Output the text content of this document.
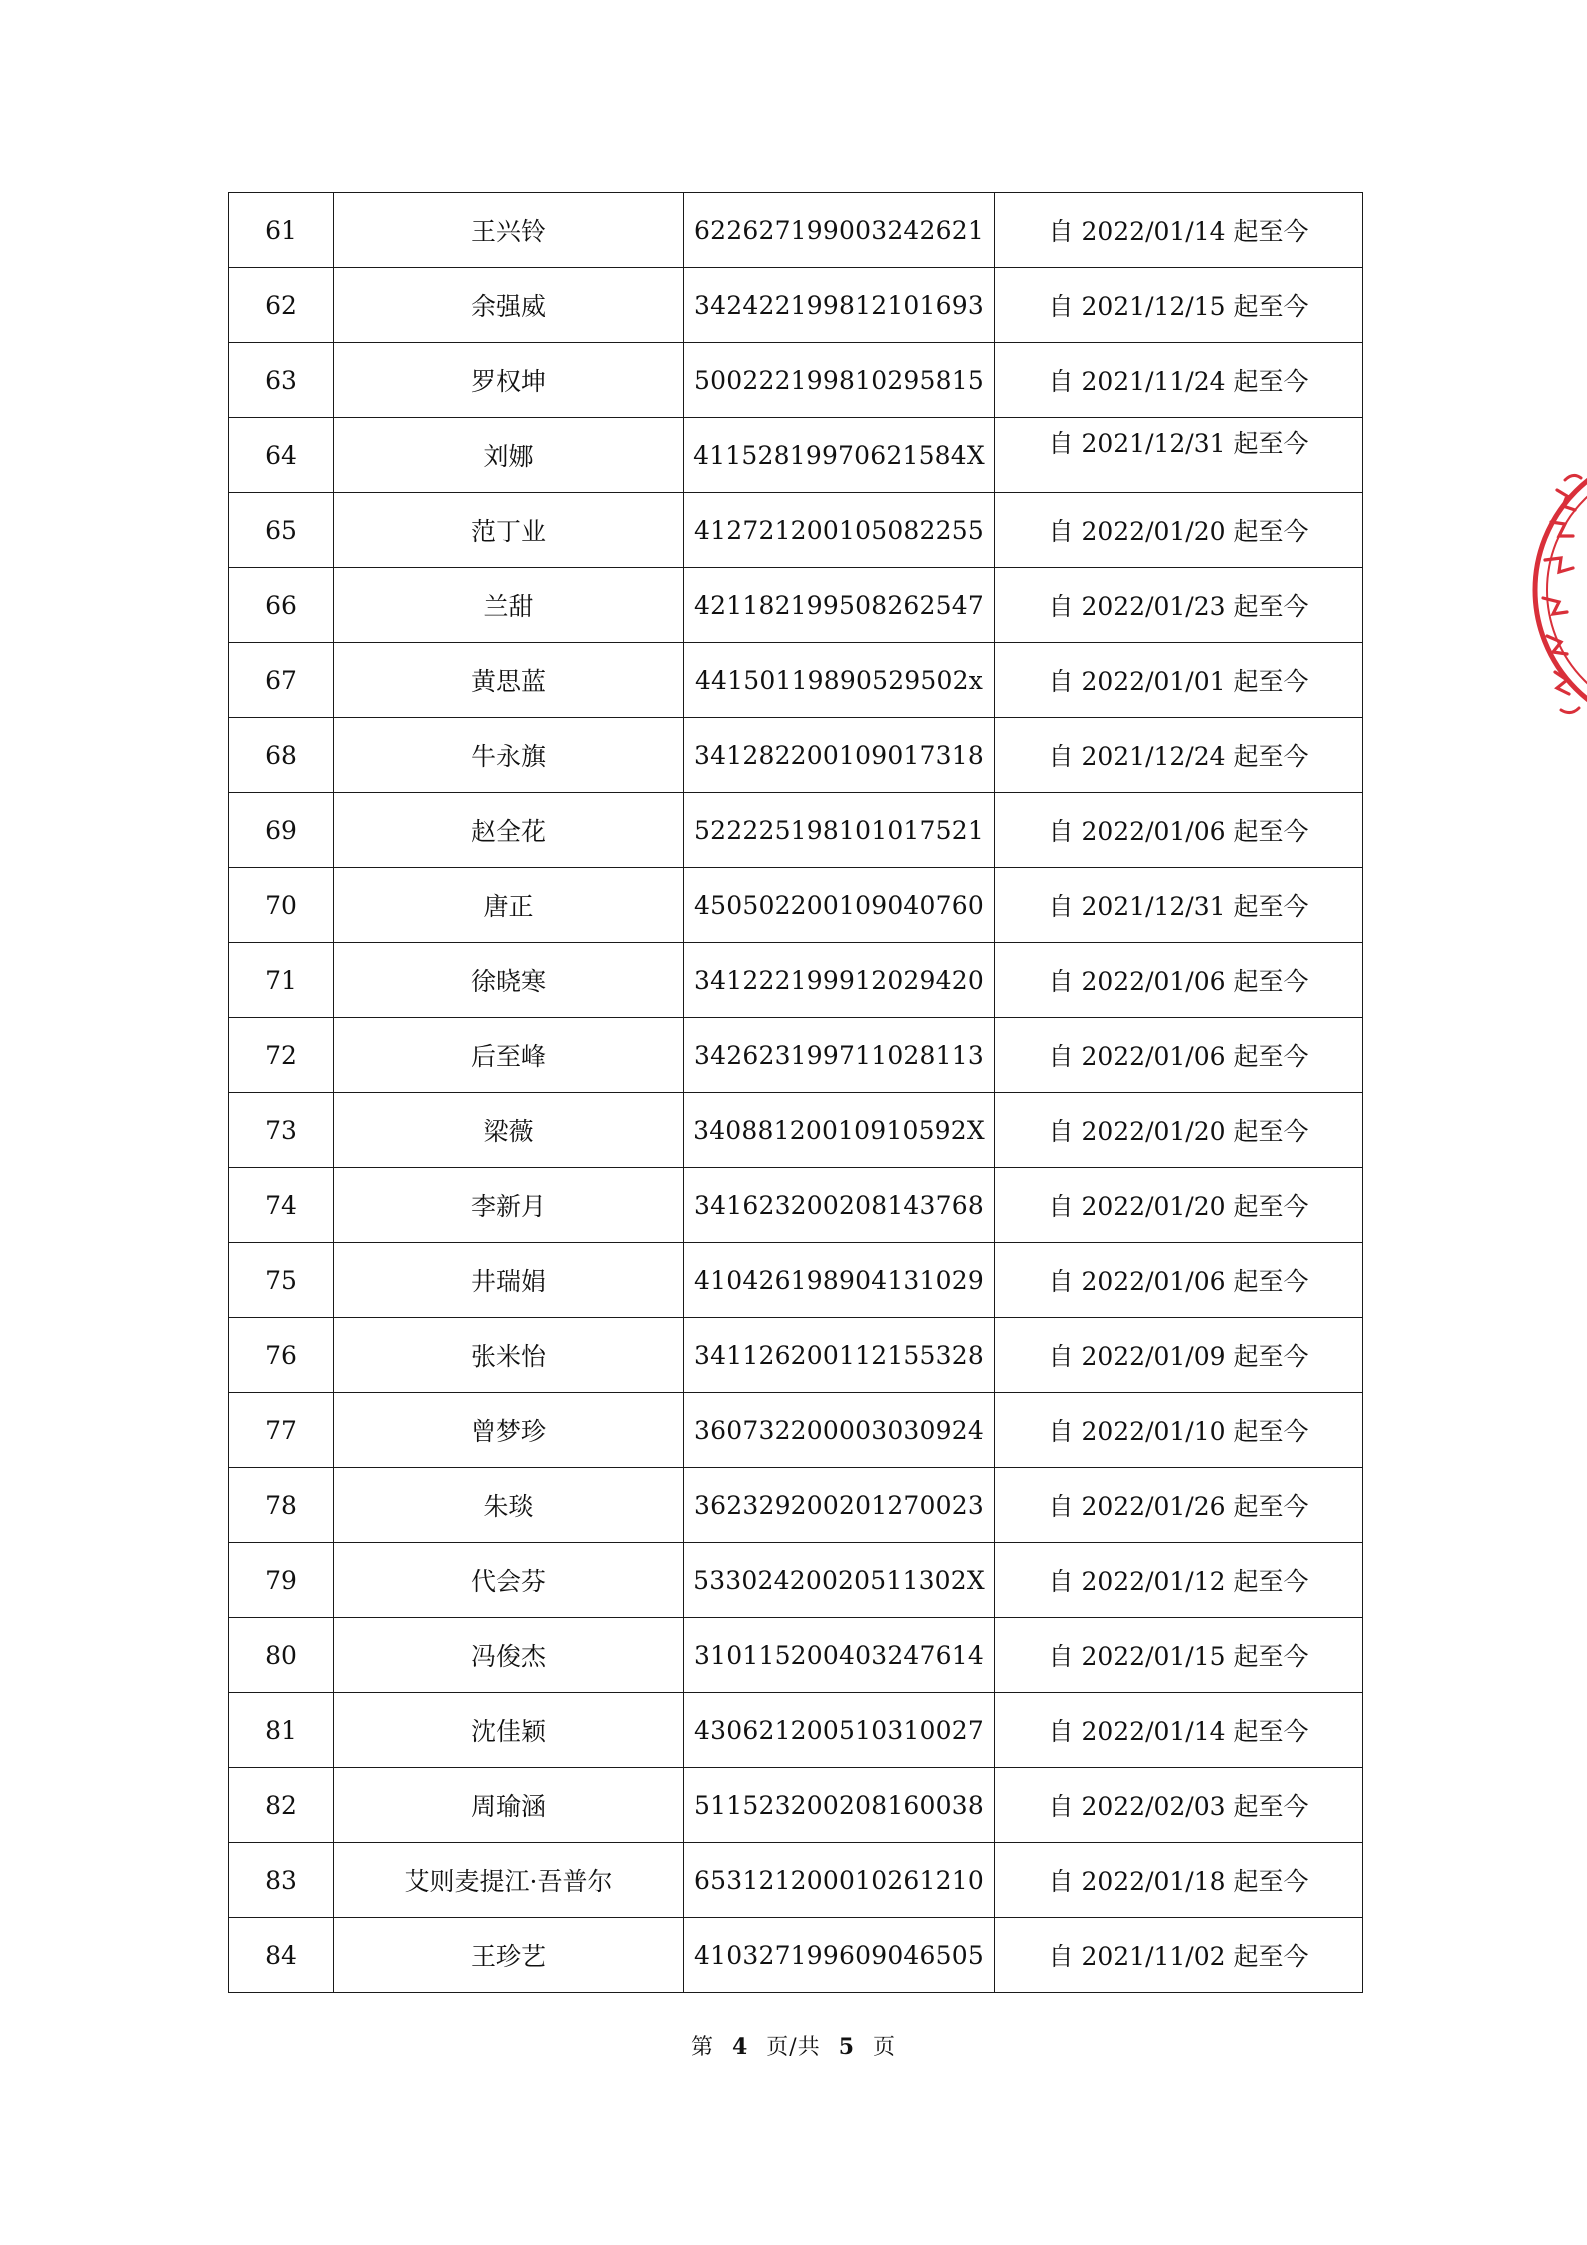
61	王兴铃	622627199003242621	自 2022/01/14 起至今
62	余强威	342422199812101693	自 2021/12/15 起至今
63	罗权坤	500222199810295815	自 2021/11/24 起至今
64	刘娜	41152819970621584X	自 2021/12/31 起至今
65	范丁业	412721200105082255	自 2022/01/20 起至今
66	兰甜	421182199508262547	自 2022/01/23 起至今
67	黄思蓝	44150119890529502x	自 2022/01/01 起至今
68	牛永旗	341282200109017318	自 2021/12/24 起至今
69	赵全花	522225198101017521	自 2022/01/06 起至今
70	唐正	450502200109040760	自 2021/12/31 起至今
71	徐晓寒	341222199912029420	自 2022/01/06 起至今
72	后至峰	342623199711028113	自 2022/01/06 起至今
73	梁薇	34088120010910592X	自 2022/01/20 起至今
74	李新月	341623200208143768	自 2022/01/20 起至今
75	井瑞娟	410426198904131029	自 2022/01/06 起至今
76	张米怡	341126200112155328	自 2022/01/09 起至今
77	曾梦珍	360732200003030924	自 2022/01/10 起至今
78	朱琰	362329200201270023	自 2022/01/26 起至今
79	代会芬	53302420020511302X	自 2022/01/12 起至今
80	冯俊杰	310115200403247614	自 2022/01/15 起至今
81	沈佳颖	430621200510310027	自 2022/01/14 起至今
82	周瑜涵	511523200208160038	自 2022/02/03 起至今
83	艾则麦提江·吾普尔	653121200010261210	自 2022/01/18 起至今
84	王珍艺	410327199609046505	自 2021/11/02 起至今
第 4 页/共 5 页
